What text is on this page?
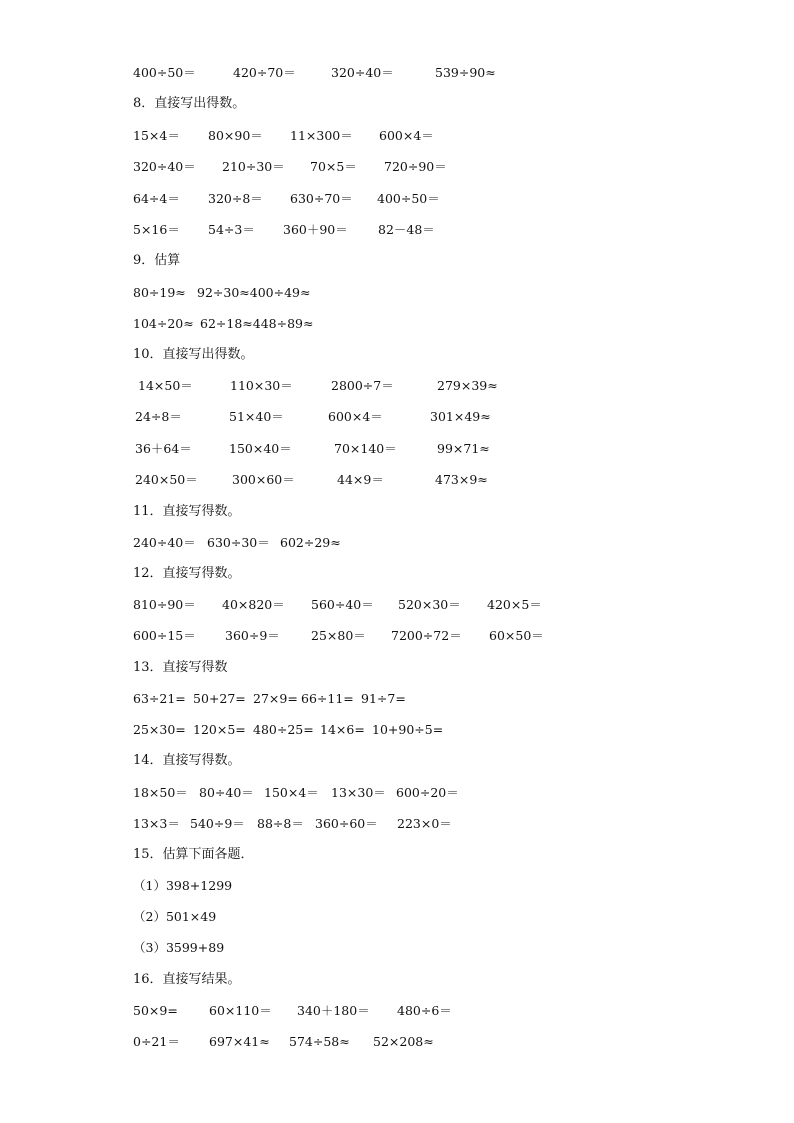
400÷50＝	420÷70＝	320÷40＝	539÷90≈
8．直接写出得数。
15×4＝ 80×90＝ 11×300＝ 600×4＝
320÷40＝ 210÷30＝ 70×5＝ 720÷90＝
64÷4＝ 320÷8＝ 630÷70＝ 400÷50＝
5×16＝ 54÷3＝ 360＋90＝ 82－48＝
9．估算
80÷19≈ 92÷30≈400÷49≈
104÷20≈ 62÷18≈448÷89≈
10．直接写出得数。
14×50＝	110×30＝	2800÷7＝	279×39≈
24÷8＝	51×40＝	600×4＝	301×49≈
36＋64＝	150×40＝	70×140＝	99×71≈
240×50＝	300×60＝	44×9＝	473×9≈
11．直接写得数。
240÷40＝ 630÷30＝ 602÷29≈
12．直接写得数。
810÷90＝ 40×820＝ 560÷40＝ 520×30＝ 420×5＝
600÷15＝ 360÷9＝ 25×80＝ 7200÷72＝ 60×50＝
13．直接写得数
63÷21= 50+27= 27×9= 66÷11= 91÷7=
25×30= 120×5= 480÷25= 14×6= 10+90÷5=
14．直接写得数。
18×50＝ 80÷40＝ 150×4＝ 13×30＝ 600÷20＝
13×3＝ 540÷9＝ 88÷8＝ 360÷60＝ 223×0＝
15．估算下面各题．
（1）398+1299
（2）501×49
（3）3599+89
16．直接写结果。
50×9= 60×110＝ 340＋180＝ 480÷6＝
0÷21＝ 697×41≈ 574÷58≈ 52×208≈
